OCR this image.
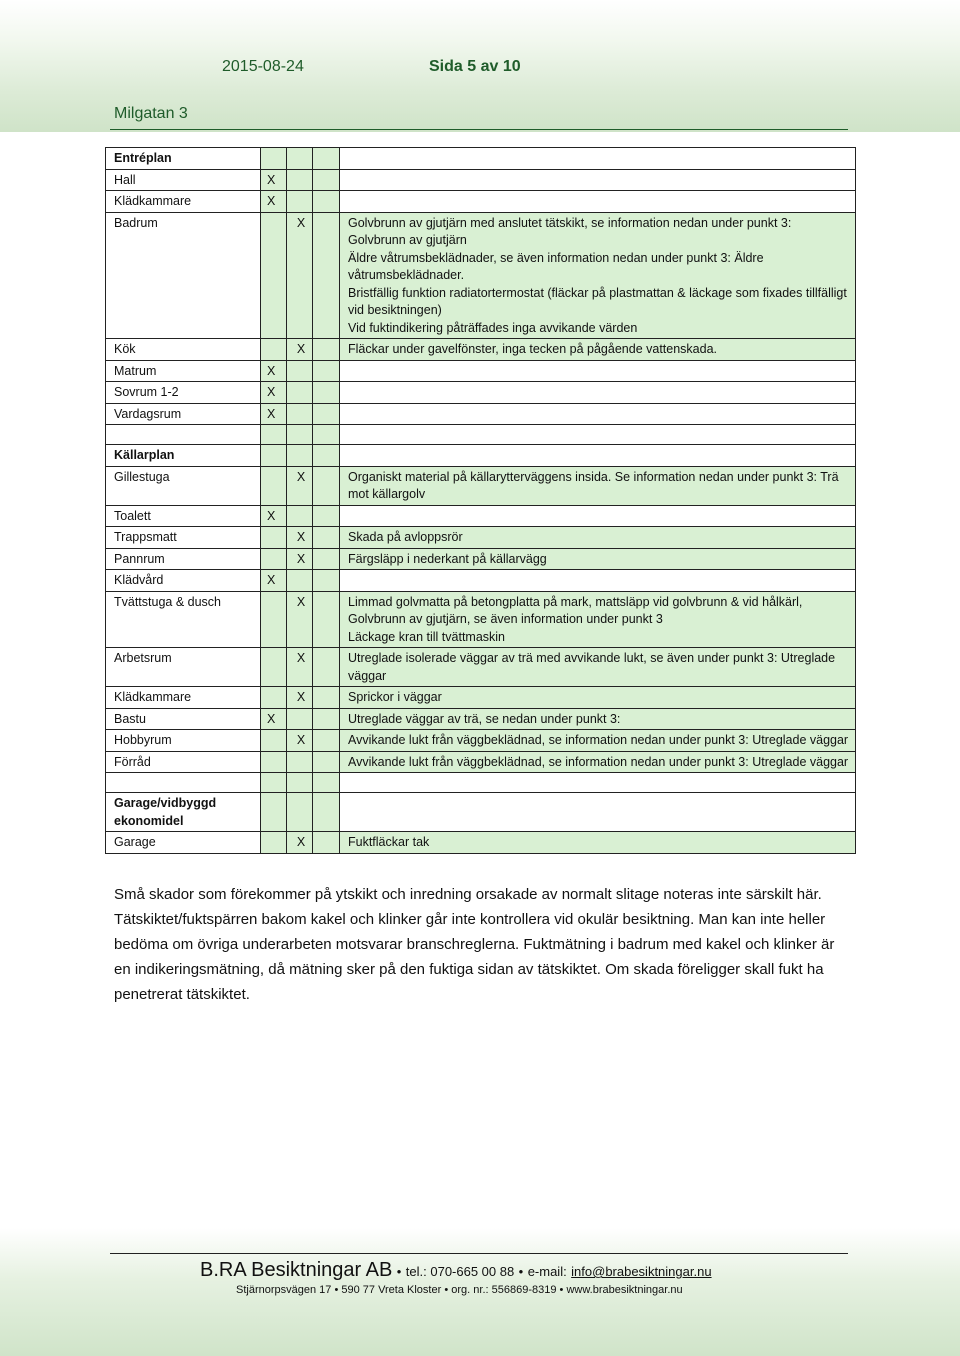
2015-08-24	Sida 5 av 10
Milgatan 3
Entréplan				
Hall	X			
Klädkammare	X			
Badrum		X		Golvbrunn av gjutjärn med anslutet tätskikt, se information nedan under punkt 3: Golvbrunn av gjutjärn
Äldre våtrumsbeklädnader, se även information nedan under punkt 3: Äldre våtrumsbeklädnader.
Bristfällig funktion radiatortermostat (fläckar på plastmattan & läckage som fixades tillfälligt vid besiktningen)
Vid fuktindikering påträffades inga avvikande värden

Kök		X		Fläckar under gavelfönster, inga tecken på pågående vattenskada.

Matrum	X			
Sovrum 1-2	X			
Vardagsrum	X			

Källarplan				
Gillestuga		X		Organiskt material på källarytterväggens insida. Se information nedan under punkt 3: Trä mot källargolv

Toalett	X			
Trappsmatt		X		Skada på avloppsrör

Pannrum		X		Färgsläpp i nederkant på källarvägg

Klädvård	X			
Tvättstuga & dusch		X		Limmad golvmatta på betongplatta på mark, mattsläpp vid golvbrunn & vid hålkärl, Golvbrunn av gjutjärn, se även information under punkt 3
Läckage kran till tvättmaskin

Arbetsrum		X		Utreglade isolerade väggar av trä med avvikande lukt, se även under punkt 3: Utreglade väggar

Klädkammare		X		Sprickor i väggar

Bastu	X			Utreglade väggar av trä, se nedan under punkt 3:

Hobbyrum		X		Avvikande lukt från väggbeklädnad, se information nedan under punkt 3: Utreglade väggar

Förråd				Avvikande lukt från väggbeklädnad, se information nedan under punkt 3: Utreglade väggar

Garage/vidbyggd ekonomidel				
Garage		X		Fuktfläckar tak
Små skador som förekommer på ytskikt och inredning orsakade av normalt slitage noteras inte särskilt här. Tätskiktet/fuktspärren bakom kakel och klinker går inte kontrollera vid okulär besiktning. Man kan inte heller bedöma om övriga underarbeten motsvarar branschreglerna. Fuktmätning i badrum med kakel och klinker är en indikeringsmätning, då mätning sker på den fuktiga sidan av tätskiktet. Om skada föreligger skall fukt ha penetrerat tätskiktet.
B.RA Besiktningar AB • tel.: 070-665 00 88 • e-mail: info@brabesiktningar.nu
Stjärnorpsvägen 17 • 590 77 Vreta Kloster • org. nr.: 556869-8319 • www.brabesiktningar.nu
